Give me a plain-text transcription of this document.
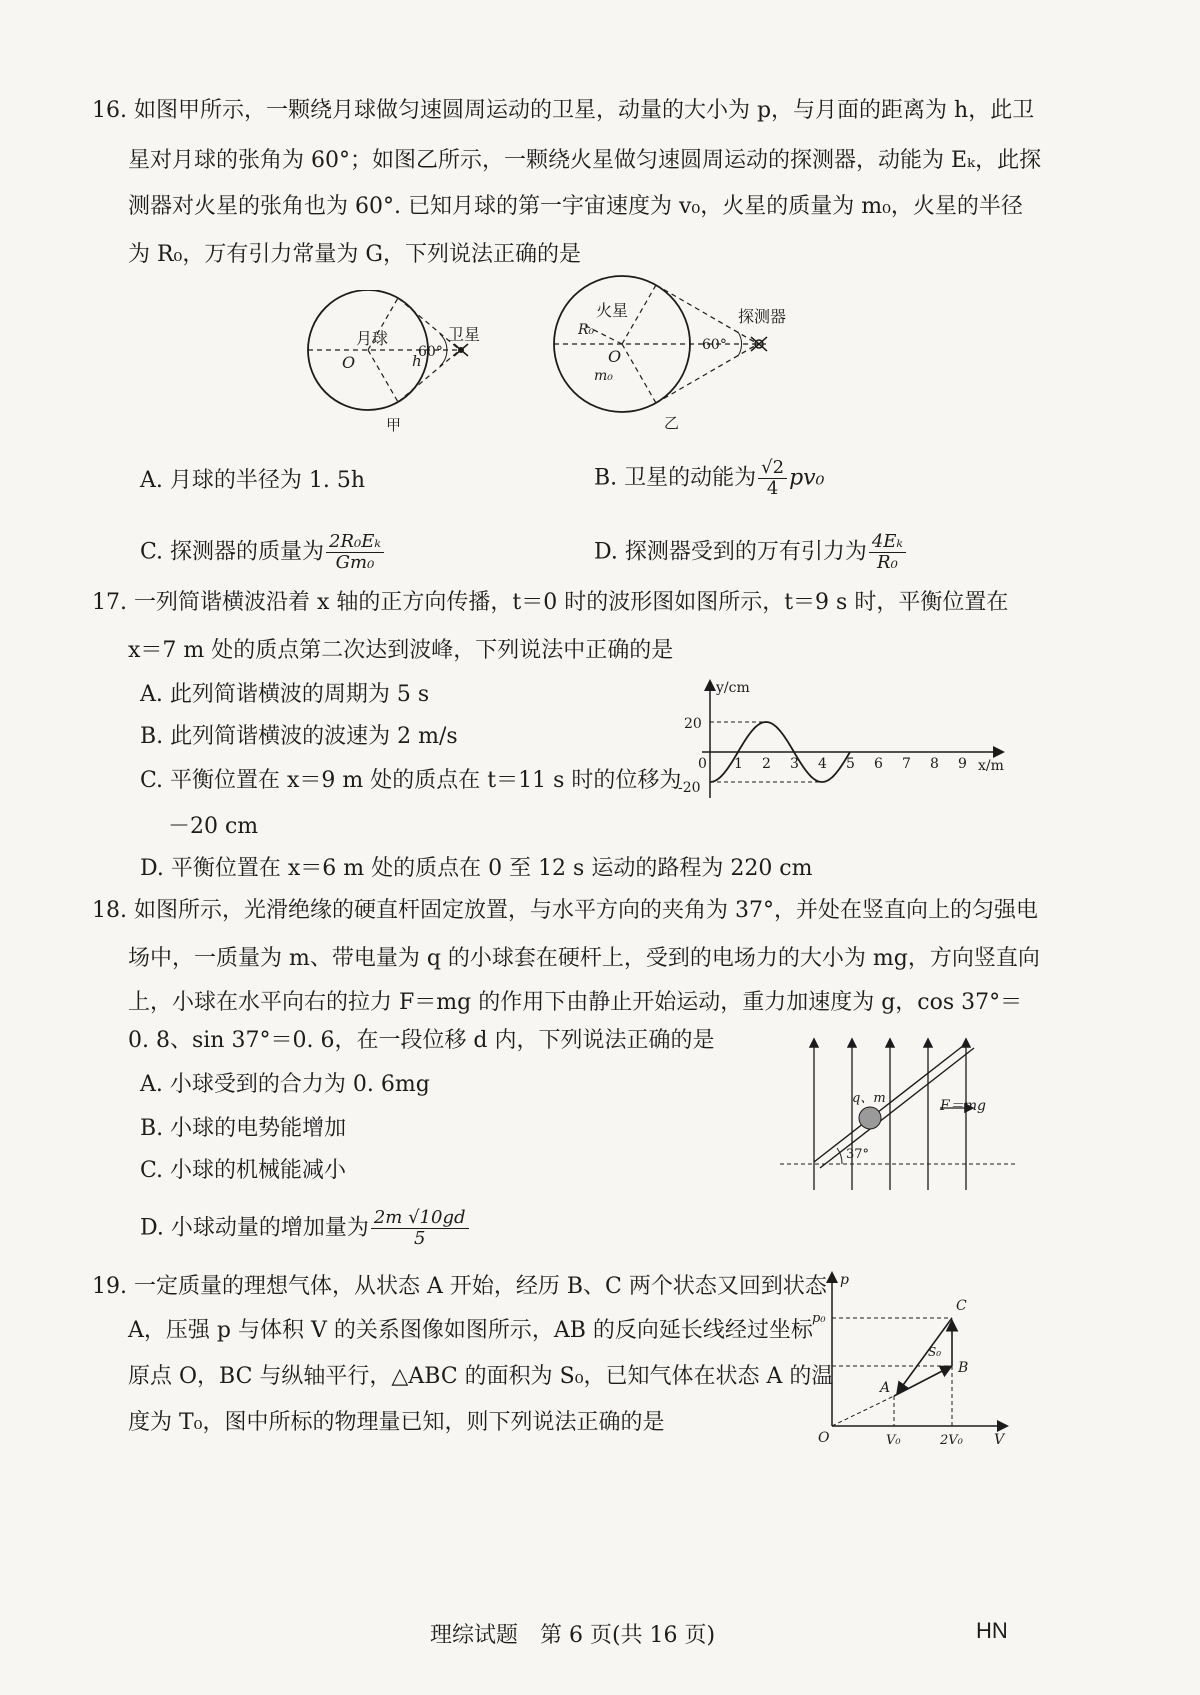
16. 如图甲所示，一颗绕月球做匀速圆周运动的卫星，动量的大小为 p，与月面的距离为 h，此卫
星对月球的张角为 60°；如图乙所示，一颗绕火星做匀速圆周运动的探测器，动能为 Eₖ，此探
测器对火星的张角也为 60°. 已知月球的第一宇宙速度为 v₀，火星的质量为 m₀，火星的半径
为 R₀，万有引力常量为 G，下列说法正确的是
月球
O	h
60°
卫星
甲
火星
R₀
O
m₀
60°
探测器
乙
A. 月球的半径为 1. 5h	B. 卫星的动能为 $\frac{√2}{4} pv_0$
C. 探测器的质量为 $\frac{\text{2R₀Eₖ}}{\text{Gm₀}}$	D. 探测器受到的万有引力为 $\frac{\text{4Eₖ}}{\text{R₀}}$
17. 一列简谐横波沿着 x 轴的正方向传播，t＝0 时的波形图如图所示，t＝9 s 时，平衡位置在
x＝7 m 处的质点第二次达到波峰，下列说法中正确的是
A. 此列简谐横波的周期为 5 s
B. 此列简谐横波的波速为 2 m/s
C. 平衡位置在 x＝9 m 处的质点在 t＝11 s 时的位移为
－20 cm
D. 平衡位置在 x＝6 m 处的质点在 0 至 12 s 运动的路程为 220 cm
y/cm
x/m
20
-20
0 1 2 3 4 5 6 7 8 9
18. 如图所示，光滑绝缘的硬直杆固定放置，与水平方向的夹角为 37°，并处在竖直向上的匀强电
场中，一质量为 m、带电量为 q 的小球套在硬杆上，受到的电场力的大小为 mg，方向竖直向
上，小球在水平向右的拉力 F＝mg 的作用下由静止开始运动，重力加速度为 g，cos 37°＝
0. 8、sin 37°＝0. 6，在一段位移 d 内，下列说法正确的是
A. 小球受到的合力为 0. 6mg
B. 小球的电势能增加
C. 小球的机械能减小
D. 小球动量的增加量为 $\frac{2m √10gd}{5}$
q、m	F＝mg
37°
19. 一定质量的理想气体，从状态 A 开始，经历 B、C 两个状态又回到状态
A，压强 p 与体积 V 的关系图像如图所示，AB 的反向延长线经过坐标
原点 O，BC 与纵轴平行，△ABC 的面积为 S₀，已知气体在状态 A 的温
度为 T₀，图中所标的物理量已知，则下列说法正确的是
p
p₀
C
S₀
B
A
O	V₀	2V₀ V
理综试题　第 6 页(共 16 页)	HN
